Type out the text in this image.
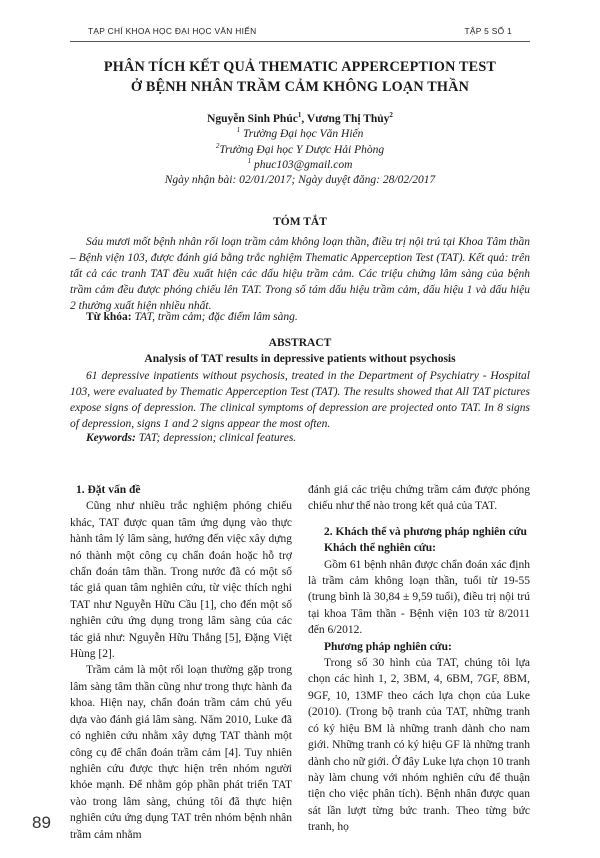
TẠP CHÍ KHOA HỌC ĐẠI HỌC VĂN HIẾN	TẬP 5 SỐ 1
PHÂN TÍCH KẾT QUẢ THEMATIC APPERCEPTION TEST
Ở BỆNH NHÂN TRẦM CẢM KHÔNG LOẠN THẦN
Nguyễn Sinh Phúc$^1$, Vương Thị Thủy$^2$
$^1$ Trường Đại học Văn Hiến
$^2$Trường Đại học Y Dược Hải Phòng
$^1$ phuc103@gmail.com
Ngày nhận bài: 02/01/2017; Ngày duyệt đăng: 28/02/2017
TÓM TẮT
Sáu mươi mốt bệnh nhân rối loạn trầm cảm không loạn thần, điều trị nội trú tại Khoa Tâm thần – Bệnh viện 103, được đánh giá bằng trắc nghiệm Thematic Apperception Test (TAT). Kết quả: trên tất cả các tranh TAT đều xuất hiện các dấu hiệu trầm cảm. Các triệu chứng lâm sàng của bệnh trầm cảm đều được phóng chiếu lên TAT. Trong số tám dấu hiệu trầm cảm, dấu hiệu 1 và dấu hiệu 2 thường xuất hiện nhiều nhất.
Từ khóa: TAT, trầm cảm; đặc điểm lâm sàng.
ABSTRACT
Analysis of TAT results in depressive patients without psychosis
61 depressive inpatients without psychosis, treated in the Department of Psychiatry - Hospital 103, were evaluated by Thematic Apperception Test (TAT). The results showed that All TAT pictures expose signs of depression. The clinical symptoms of depression are projected onto TAT. In 8 signs of depression, signs 1 and 2 signs appear the most often.
Keywords: TAT; depression; clinical features.
1. Đặt vấn đề

Cũng như nhiều trắc nghiệm phóng chiếu khác, TAT được quan tâm ứng dụng vào thực hành tâm lý lâm sàng, hướng đến việc xây dựng nó thành một công cụ chẩn đoán hoặc hỗ trợ chẩn đoán tâm thần. Trong nước đã có một số tác giả quan tâm nghiên cứu, từ việc thích nghi TAT như Nguyễn Hữu Cầu [1], cho đến một số nghiên cứu ứng dụng trong lâm sàng của các tác giả như: Nguyễn Hữu Thắng [5], Đặng Việt Hùng [2].

Trầm cảm là một rối loạn thường gặp trong lâm sàng tâm thần cũng như trong thực hành đa khoa. Hiện nay, chẩn đoán trầm cảm chủ yếu dựa vào đánh giá lâm sàng. Năm 2010, Luke đã có nghiên cứu nhằm xây dựng TAT thành một công cụ để chẩn đoán trầm cảm [4]. Tuy nhiên nghiên cứu được thực hiện trên nhóm người khỏe mạnh. Để nhằm góp phần phát triển TAT vào trong lâm sàng, chúng tôi đã thực hiện nghiên cứu ứng dụng TAT trên nhóm bệnh nhân trầm cảm nhằm

đánh giá các triệu chứng trầm cảm được phóng chiếu như thế nào trong kết quả của TAT.

2. Khách thể và phương pháp nghiên cứu
Khách thể nghiên cứu:

Gồm 61 bệnh nhân được chẩn đoán xác định là trầm cảm không loạn thần, tuổi từ 19-55 (trung bình là 30,84 ± 9,59 tuổi), điều trị nội trú tại khoa Tâm thần - Bệnh viện 103 từ 8/2011 đến 6/2012.

Phương pháp nghiên cứu:

Trong số 30 hình của TAT, chúng tôi lựa chọn các hình 1, 2, 3BM, 4, 6BM, 7GF, 8BM, 9GF, 10, 13MF theo cách lựa chọn của Luke (2010). (Trong bộ tranh của TAT, những tranh có ký hiệu BM là những tranh dành cho nam giới. Những tranh có ký hiệu GF là những tranh dành cho nữ giới. Ở đây Luke lựa chọn 10 tranh này làm chung với nhóm nghiên cứu để thuận tiện cho việc phân tích). Bệnh nhân được quan sát lần lượt từng bức tranh. Theo từng bức tranh, họ

89
